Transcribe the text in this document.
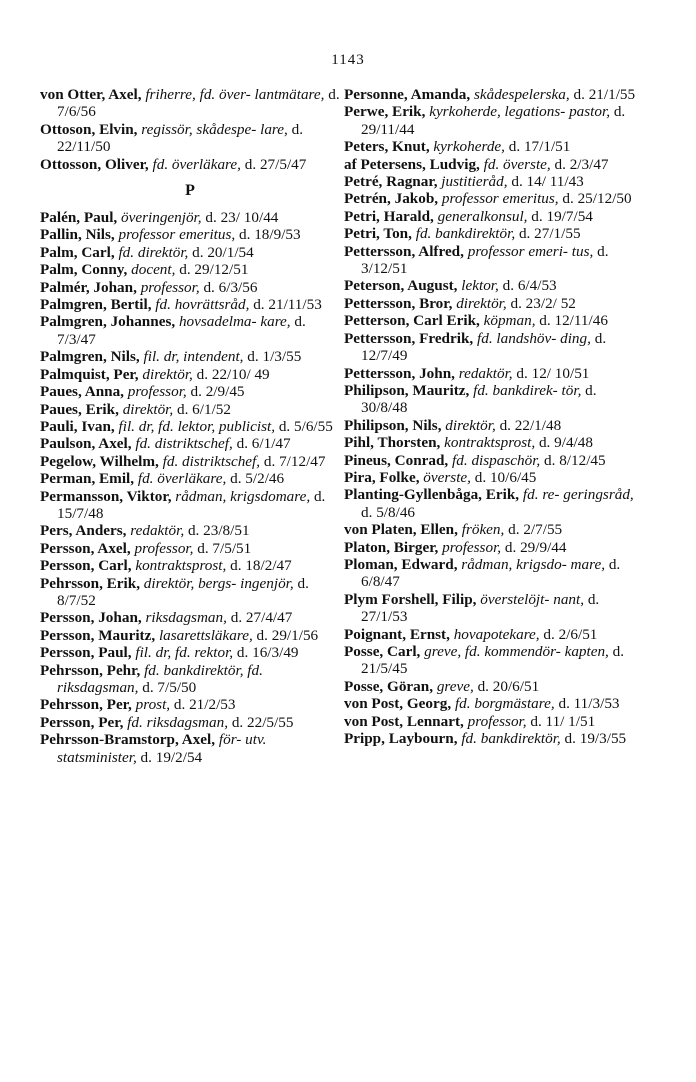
1143

von Otter, Axel, friherre, fd. över- lantmätare, d. 7/6/56

Ottoson, Elvin, regissör, skådespe- lare, d. 22/11/50

Ottosson, Oliver, fd. överläkare, d. 27/5/47

P

Palén, Paul, överingenjör, d. 23/ 10/44

Pallin, Nils, professor emeritus, d. 18/9/53

Palm, Carl, fd. direktör, d. 20/1/54

Palm, Conny, docent, d. 29/12/51

Palmér, Johan, professor, d. 6/3/56

Palmgren, Bertil, fd. hovrättsråd, d. 21/11/53

Palmgren, Johannes, hovsadelma- kare, d. 7/3/47

Palmgren, Nils, fil. dr, intendent, d. 1/3/55

Palmquist, Per, direktör, d. 22/10/ 49

Paues, Anna, professor, d. 2/9/45

Paues, Erik, direktör, d. 6/1/52

Pauli, Ivan, fil. dr, fd. lektor, publicist, d. 5/6/55

Paulson, Axel, fd. distriktschef, d. 6/1/47

Pegelow, Wilhelm, fd. distriktschef, d. 7/12/47

Perman, Emil, fd. överläkare, d. 5/2/46

Permansson, Viktor, rådman, krigsdomare, d. 15/7/48

Pers, Anders, redaktör, d. 23/8/51

Persson, Axel, professor, d. 7/5/51

Persson, Carl, kontraktsprost, d. 18/2/47

Pehrsson, Erik, direktör, bergs- ingenjör, d. 8/7/52

Persson, Johan, riksdagsman, d. 27/4/47

Persson, Mauritz, lasarettsläkare, d. 29/1/56

Persson, Paul, fil. dr, fd. rektor, d. 16/3/49

Pehrsson, Pehr, fd. bankdirektör, fd. riksdagsman, d. 7/5/50

Pehrsson, Per, prost, d. 21/2/53

Persson, Per, fd. riksdagsman, d. 22/5/55

Pehrsson-Bramstorp, Axel, för- utv. statsminister, d. 19/2/54

Personne, Amanda, skådespelerska, d. 21/1/55

Perwe, Erik, kyrkoherde, legations- pastor, d. 29/11/44

Peters, Knut, kyrkoherde, d. 17/1/51

af Petersens, Ludvig, fd. överste, d. 2/3/47

Petré, Ragnar, justitieråd, d. 14/ 11/43

Petrén, Jakob, professor emeritus, d. 25/12/50

Petri, Harald, generalkonsul, d. 19/7/54

Petri, Ton, fd. bankdirektör, d. 27/1/55

Pettersson, Alfred, professor emeri- tus, d. 3/12/51

Peterson, August, lektor, d. 6/4/53

Pettersson, Bror, direktör, d. 23/2/ 52

Petterson, Carl Erik, köpman, d. 12/11/46

Pettersson, Fredrik, fd. landshöv- ding, d. 12/7/49

Pettersson, John, redaktör, d. 12/ 10/51

Philipson, Mauritz, fd. bankdirek- tör, d. 30/8/48

Philipson, Nils, direktör, d. 22/1/48

Pihl, Thorsten, kontraktsprost, d. 9/4/48

Pineus, Conrad, fd. dispaschör, d. 8/12/45

Pira, Folke, överste, d. 10/6/45

Planting-Gyllenbåga, Erik, fd. re- geringsråd, d. 5/8/46

von Platen, Ellen, fröken, d. 2/7/55

Platon, Birger, professor, d. 29/9/44

Ploman, Edward, rådman, krigsdo- mare, d. 6/8/47

Plym Forshell, Filip, överstelöjt- nant, d. 27/1/53

Poignant, Ernst, hovapotekare, d. 2/6/51

Posse, Carl, greve, fd. kommendör- kapten, d. 21/5/45

Posse, Göran, greve, d. 20/6/51

von Post, Georg, fd. borgmästare, d. 11/3/53

von Post, Lennart, professor, d. 11/ 1/51

Pripp, Laybourn, fd. bankdirektör, d. 19/3/55
